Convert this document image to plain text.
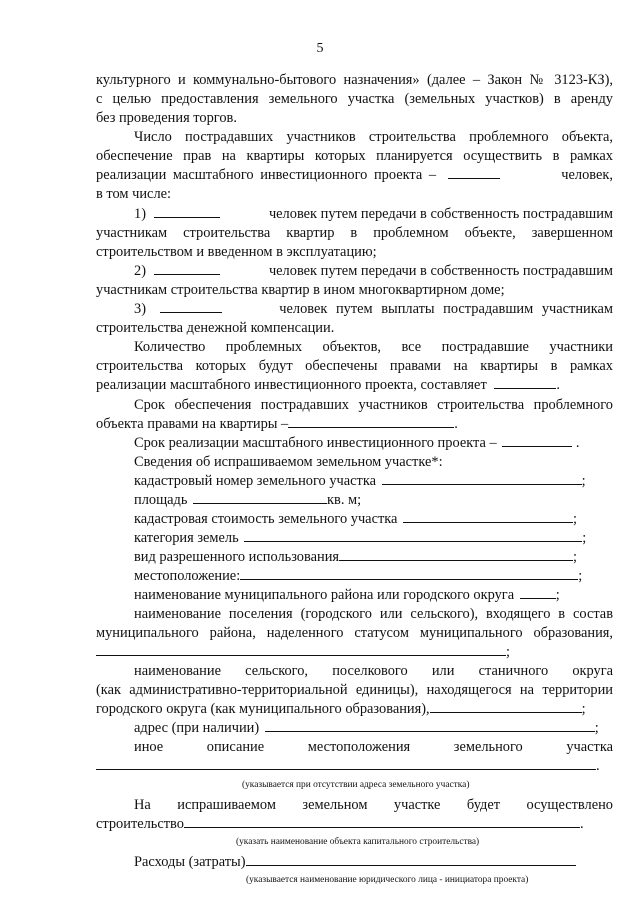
5
культурного и коммунально-бытового назначения» (далее – Закон № 3123-КЗ),
с целью предоставления земельного участка (земельных участков) в аренду
без проведения торгов.
Число пострадавших участников строительства проблемного объекта,
обеспечение прав на квартиры которых планируется осуществить в рамках
реализации масштабного инвестиционного проекта –	человек,
в том числе:
1)	человек путем передачи в собственность пострадавшим
участникам строительства квартир в проблемном объекте, завершенном
строительством и введенном в эксплуатацию;
2)	человек путем передачи в собственность пострадавшим
участникам строительства квартир в ином многоквартирном доме;
3)	человек путем выплаты пострадавшим участникам
строительства денежной компенсации.
Количество проблемных объектов, все пострадавшие участники
строительства которых будут обеспечены правами на квартиры в рамках
реализации масштабного инвестиционного проекта, составляет	.
Срок обеспечения пострадавших участников строительства проблемного
объекта правами на квартиры –	.
Срок реализации масштабного инвестиционного проекта –	.
Сведения об испрашиваемом земельном участке*:
кадастровый номер земельного участка	;
площадь	кв. м;
кадастровая стоимость земельного участка	;
категория земель	;
вид разрешенного использования	;
местоположение:	;
наименование муниципального района или городского округа	;
наименование поселения (городского или сельского), входящего в состав
муниципального района, наделенного статусом муниципального образования,
;
наименование сельского, поселкового или станичного округа
(как административно-территориальной единицы), находящегося на территории
городского округа (как муниципального образования),	;
адрес (при наличии)	;
иное описание местоположения земельного участка
.
(указывается при отсутствии адреса земельного участка)
На испрашиваемом земельном участке будет осуществлено
строительство	.
(указать наименование объекта капитального строительства)
Расходы (затраты)
(указывается наименование юридического лица - инициатора проекта)
